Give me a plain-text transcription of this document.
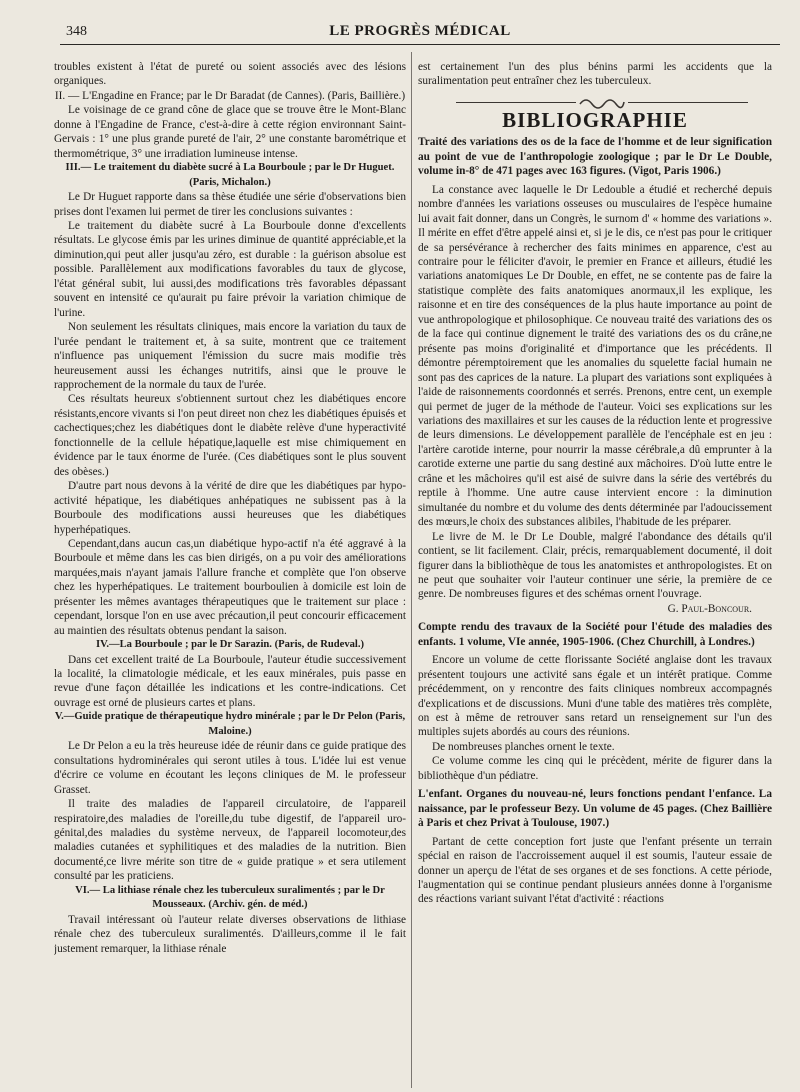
348	LE PROGRÈS MÉDICAL

troubles existent à l'état de pureté ou soient associés avec des lésions organiques.

II. — L'Engadine en France; par le Dr Baradat (de Cannes). (Paris, Baillière.)

Le voisinage de ce grand cône de glace que se trouve être le Mont-Blanc donne à l'Engadine de France, c'est-à-dire à cette région environnant Saint-Gervais : 1° une plus grande pureté de l'air, 2° une constante barométrique et thermométrique, 3° une irradiation lumineuse intense.

III.— Le traitement du diabète sucré à La Bourboule ; par le Dr Huguet. (Paris, Michalon.)

Le Dr Huguet rapporte dans sa thèse étudiée une série d'observations bien prises dont l'examen lui permet de tirer les conclusions suivantes :

Le traitement du diabète sucré à La Bourboule donne d'excellents résultats. Le glycose émis par les urines diminue de quantité appréciable,et la diminution,qui peut aller jusqu'au zéro, est durable : la guérison absolue est possible. Parallèlement aux modifications favorables du taux de glycose, l'état général subit, lui aussi,des modifications très favorables dépassant souvent en intensité ce qu'aurait pu faire prévoir la variation chimique de l'urine.

Non seulement les résultats cliniques, mais encore la variation du taux de l'urée pendant le traitement et, à sa suite, montrent que ce traitement n'influence pas uniquement l'émission du sucre mais modifie très heureusement aussi les échanges nutritifs, ainsi que le prouve le rapprochement de la normale du taux de l'urée.

Ces résultats heureux s'obtiennent surtout chez les diabétiques encore résistants,encore vivants si l'on peut direet non chez les diabétiques épuisés et cachectiques;chez les diabétiques dont le diabète relève d'une hyperactivité fonctionnelle de la cellule hépatique,laquelle est mise chimiquement en évidence par le taux énorme de l'urée. (Ces diabétiques sont le plus souvent des obèses.)

D'autre part nous devons à la vérité de dire que les diabétiques par hypo-activité hépatique, les diabétiques anhépatiques ne subissent pas à la Bourboule des modifications aussi heureuses que les diabétiques hyperhépatiques.

Cependant,dans aucun cas,un diabétique hypo-actif n'a été aggravé à la Bourboule et même dans les cas bien dirigés, on a pu voir des améliorations marquées,mais n'ayant jamais l'allure franche et complète que l'on observe chez les hyperhépatiques. Le traitement bourboulien à domicile est loin de présenter les mêmes avantages thérapeutiques que le traitement sur place : cependant, lorsque l'on en use avec précaution,il peut concourir efficacement au maintien des résultats obtenus pendant la saison.

IV.—La Bourboule ; par le Dr Sarazin. (Paris, de Rudeval.)

Dans cet excellent traité de La Bourboule, l'auteur étudie successivement la localité, la climatologie médicale, et les eaux minérales, puis passe en revue d'une façon détaillée les indications et les contre-indications. Cet ouvrage est orné de plusieurs cartes et plans.

V.—Guide pratique de thérapeutique hydro minérale ; par le Dr Pelon (Paris, Maloine.)

Le Dr Pelon a eu la très heureuse idée de réunir dans ce guide pratique des consultations hydrominérales qui seront utiles à tous. L'idée lui est venue d'écrire ce volume en écoutant les leçons cliniques de M. le professeur Grasset.

Il traite des maladies de l'appareil circulatoire, de l'appareil respiratoire,des maladies de l'oreille,du tube digestif, de l'appareil uro-génital,des maladies du système nerveux, de l'appareil locomoteur,des maladies cutanées et syphilitiques et des maladies de la nutrition. Bien documenté,ce livre mérite son titre de « guide pratique » et sera utilement consulté par les praticiens.

VI.— La lithiase rénale chez les tuberculeux suralimentés ; par le Dr Mousseaux. (Archiv. gén. de méd.)

Travail intéressant où l'auteur relate diverses observations de lithiase rénale chez des tuberculeux suralimentés. D'ailleurs,comme il le fait justement remarquer, la lithiase rénale

est certainement l'un des plus bénins parmi les accidents que la suralimentation peut entraîner chez les tuberculeux.

BIBLIOGRAPHIE

Traité des variations des os de la face de l'homme et de leur signification au point de vue de l'anthropologie zoologique ; par le Dr Le Double, volume in-8° de 471 pages avec 163 figures. (Vigot, Paris 1906.)

La constance avec laquelle le Dr Ledouble a étudié et recherché depuis nombre d'années les variations osseuses ou musculaires de l'espèce humaine lui avait fait donner, dans un Congrès, le surnom d' « homme des variations ». Il mérite en effet d'être appelé ainsi et, si je le dis, ce n'est pas pour le critiquer de sa persévérance à rechercher des faits minimes en apparence, c'est au contraire pour le féliciter d'avoir, le premier en France et ailleurs, étudié les variations anatomiques Le Dr Double, en effet, ne se contente pas de faire la statistique complète des faits anatomiques anormaux,il les explique, les raisonne et en tire des conséquences de la plus haute importance au point de vue anthropologique et philosophique. Ce nouveau traité des variations des os de la face qui continue dignement le traité des variations des os du crâne,ne présente pas moins d'originalité et d'importance que les précédents. Il démontre péremptoirement que les anomalies du squelette facial humain ne sont pas des caprices de la nature. La plupart des variations sont expliquées à l'aide de raisonnements coordonnés et serrés. Prenons, entre cent, un exemple qui permet de juger de la méthode de l'auteur. Voici ses explications sur les variations des maxillaires et sur les causes de la réduction lente et progressive de leurs dimensions. Le développement parallèle de l'encéphale est en jeu : l'artère carotide interne, pour nourrir la masse cérébrale,a dû emprunter à la carotide externe une partie du sang destiné aux mâchoires. D'où lutte entre le crâne et les mâchoires qu'il est aisé de suivre dans la série des vertébrés du reptile à l'homme. Une autre cause intervient encore : la diminution simultanée du nombre et du volume des dents déterminée par l'adoucissement des mœurs,le choix des substances alibiles, l'habitude de les préparer.

Le livre de M. le Dr Le Double, malgré l'abondance des détails qu'il contient, se lit facilement. Clair, précis, remarquablement documenté, il doit figurer dans la bibliothèque de tous les anatomistes et anthropologistes. Et on ne peut que souhaiter voir l'auteur continuer une série, la première de ce genre. De nombreuses figures et des schémas ornent l'ouvrage.

G. Paul-Boncour.

Compte rendu des travaux de la Société pour l'étude des maladies des enfants. 1 volume, VIe année, 1905-1906. (Chez Churchill, à Londres.)

Encore un volume de cette florissante Société anglaise dont les travaux présentent toujours une activité sans égale et un intérêt pratique. Comme précédemment, on y rencontre des faits cliniques nombreux accompagnés d'explications et de discussions. Muni d'une table des matières très complète, on est à même de retrouver sans retard un renseignement sur l'un des multiples sujets abordés au cours des réunions.

De nombreuses planches ornent le texte.

Ce volume comme les cinq qui le précèdent, mérite de figurer dans la bibliothèque d'un pédiatre.

L'enfant. Organes du nouveau-né, leurs fonctions pendant l'enfance. La naissance, par le professeur Bezy. Un volume de 45 pages. (Chez Baillière à Paris et chez Privat à Toulouse, 1907.)

Partant de cette conception fort juste que l'enfant présente un terrain spécial en raison de l'accroissement auquel il est soumis, l'auteur essaie de donner un aperçu de l'état de ses organes et de ses fonctions. A cette période, l'augmentation qui se continue pendant plusieurs années donne à l'organisme des réactions variant suivant l'état d'activité : réactions
